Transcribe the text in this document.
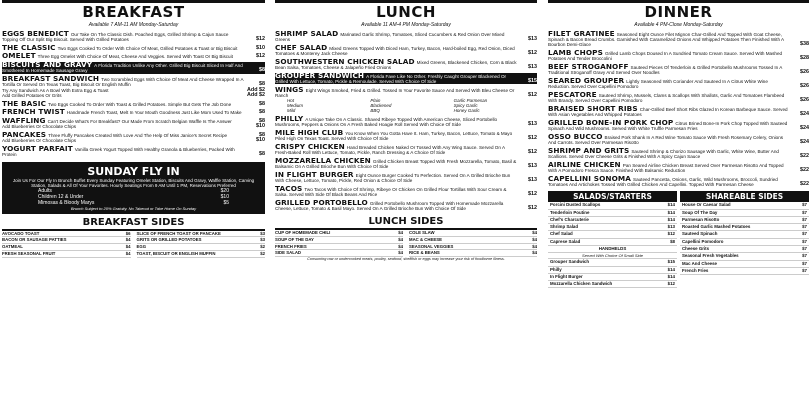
BREAKFAST
Available 7 AM-11 AM Monday-Saturday
EGGS BENEDICT Our Take On The Classic Dish. Poached Eggs, Grilled Shrimp & Cajun Sauce Topping Off Our Split Big Biscuit. Served With Grilled Potatoes	$12
THE CLASSIC Two Eggs Cooked To Order With Choice Of Meat, Grilled Potatoes & Toast or Big Biscuit	$10
OMELET Three Egg Omelet With Choice Of Meat, Cheese And Veggies. Served With Toast Or Big Biscuit	$12
BISCUITS AND GRAVY A Florida Tradition Unlike Any Other. Grilled Big Biscuit Sliced In Half And Smothered In Homemade Sausage Gravy	$8
BREAKFAST SANDWICH Two Scrambled Eggs With Choice Of Meat And Cheese Wrapped In A Tortilla Or Served On Texas Toast, Big Biscuit Or English Muffin	$8
Try Any Sandwich As A Bowl With Extra Egg & Toast	Add $2
Add Grilled Potatoes Or Grits	Add $2
THE BASIC Two Eggs Cooked To Order With Toast & Grilled Potatoes. Simple But Gets The Job Done	$8
FRENCH TWIST Handmade French Toast, Melt In Your Mouth Goodness Just Like Mom Used To Make	$8
WAFFLING Can't Decide What's For Breakfast? Our Made From Scratch Belgian Waffle Is The Answer	$8
Add Blueberries Or Chocolate Chips	$10
PANCAKES Three Fluffy Pancakes Created With Love And The Help Of Miss Janice's Secret Recipe	$8
Add Blueberries Or Chocolate Chips	$10
YOGURT PARFAIT Vanilla Greek Yogurt Topped With Healthy Granola & Blueberries, Packed With Protein	$8
SUNDAY FLY IN

Join Us For Our Fly In Brunch Buffet Every Sunday Featuring Omelet Station, Biscuits And Gravy, Waffle Station, Carving Station, Salads & All Of Your Favorites. Hourly Seatings From 9 AM Until 1 PM, Reservations Preferred

Adults	$20
Children 12 & Under	$10
Mimosas & Bloody Marys	$5

Brunch Subject to 20% Gratuity. No Takeout or Take Home On Sunday

BREAKFAST SIDES
AVOCADO TOAST	$6 SLICE OF FRENCH TOAST OR PANCAKE	$3
BACON OR SAUSAGE PATTIES	$4 GRITS OR GRILLED POTATOES	$3
OATMEAL	$4 EGG	$2
FRESH SEASONAL FRUIT	$4 TOAST, BISCUIT OR ENGLISH MUFFIN	$2
LUNCH
Available 11 AM-4 PM Monday-Saturday
SHRIMP SALAD Marinated Garlic Shrimp, Tomatoes, Sliced Cucumbers & Red Onion Over Mixed Greens	$13
CHEF SALAD Mixed Greens Topped With Diced Ham, Turkey, Bacon, Hard-boiled Egg, Red Onion, Diced Tomatoes & Monterey Jack Cheese	$12
SOUTHWESTERN CHICKEN SALAD Mixed Greens, Blackened Chicken, Corn & Black Bean Salsa, Tomatoes, Cheese & Jalapeño Fried Onions	$13
GROUPER SANDWICH A Florida Fave Like No Other. Freshly Caught Grouper Blackened Or Grilled With Lettuce, Tomato, Pickle & Remoulade. Served With Choice Of Side	$15
WINGS Eight Wings Smoked, Fried & Grilled. Tossed In Your Favorite Sauce And Served With Bleu Cheese Or Ranch	$12
Hot	Plain	Garlic Parmesan
Medium	Blackened	Spicy Garlic
Mild	BBQ	Honey Garlic
PHILLY A Unique Take On A Classic. Shaved Ribeye Topped With American Cheese, Sliced Portobello Mushrooms, Peppers & Onions On A Fresh Baked Hoagie Roll Served With Choice Of Side	$13
MILE HIGH CLUB You Know When You Gotta Have It. Ham, Turkey, Bacon, Lettuce, Tomato & Mayo Piled High On Texas Toast. Served With Choice Of Side	$12
CRISPY CHICKEN Hand Breaded Chicken Naked Or Tossed With Any Wing Sauce. Served On A Fresh-Baked Roll With Lettuce, Tomato, Pickle, Ranch Dressing & A Choice Of Side	$12
MOZZARELLA CHICKEN Grilled Chicken Breast Topped With Fresh Mozzarella, Tomato, Basil & Balsamic On A Grilled Brioche Bun With Choice Of Side	$13
IN FLIGHT BURGER Eight Ounce Burger Cooked To Perfection. Served On A Grilled Brioche Bun With Cheese, Lettuce, Tomato, Pickle, Red Onion & Choice Of Side	$13
TACOS Two Tacos With Choice Of Shrimp, Ribeye Or Chicken On Grilled Flour Tortillas With Sour Cream & Salsa. Served With Side Of Black Beans And Rice	$12
GRILLED PORTOBELLO Grilled Portobello Mushroom Topped With Homemade Mozzarella Cheese, Lettuce, Tomato & Basil Mayo. Served On A Grilled Brioche Bun With Choice Of Side	$12
LUNCH SIDES
CUP OF HOMEMADE CHILI	$4 COLE SLAW	$4
SOUP OF THE DAY	$4 MAC & CHEESE	$4
FRENCH FRIES	$4 SEASONAL VEGGIES	$4
SIDE SALAD	$4 RICE & BEANS	$4
Consuming raw or undercooked meats, poultry, seafood, shellfish or eggs may increase your risk of foodborne illness.
DINNER
Available 4 PM-Close Monday-Saturday
FILET GRATINEE Seasoned Eight Ounce Filet Mignon Char-Grilled And Topped With Goat Cheese, Spinach & Bacon Bread Crumbs. Garnished With Caramelized Onions And Whipped Potatoes Then Finished With A Bourbon Demi-Glace	$38
LAMB CHOPS Grilled Lamb Chops Doused In A Sundried Tomato Cream Sauce. Served With Mashed Potatoes And Tender Broccolini	$28
BEEF STROGANOFF Sauteed Pieces Of Tenderloin & Grilled Portobello Mushrooms Tossed In A Traditional Stroganoff Gravy And Served Over Noodles	$26
SEARED GROUPER Lightly Seasoned With Coriander And Sauteed In A Citrus White Wine Reduction. Served Over Capellini Pomodoro	$26
PESCATORE Sauteed Shrimp, Mussels, Clams & Scallops With Shallots, Garlic And Tomatoes Flambeed With Brandy. Served Over Capellini Pomodoro	$26
BRAISED SHORT RIBS Char-Grilled Beef Short Ribs Glazed In Korean Barbeque Sauce. Served With Asian Vegetables And Whipped Potatoes	$24
GRILLED BONE-IN PORK CHOP Citrus Brined Bone-In Pork Chop Topped With Sauteed Spinach And Wild Mushrooms. Served With White Truffle Parmesan Fries	$24
OSSO BUCCO Braised Pork Shank In A Red Wine Tomato Sauce With Fresh Rosemary Celery, Onions And Carrots. Served Over Parmesan Risotto	$24
SHRIMP AND GRITS Sauteed Shrimp & Chorizo Sausage With Garlic, White Wine, Butter And Scallions. Served Over Cheese Grits & Finished With A Spicy Cajun Sauce	$22
AIRLINE CHICKEN Pan Seared Airline Chicken Breast Served Over Parmesan Risotto And Topped With A Pomodoro Fresca Sauce. Finished With Balsamic Reduction	$22
CAPELLINI SONOMA Sauteed Pancetta, Onions, Garlic, Wild Mushrooms, Broccoli, Sundried Tomatoes And Artichokes Tossed With Grilled Chicken And Capellini. Topped With Parmesan Cheese	$22
SALADS/STARTERS
Porcini Dusted Scallops	$14
Tenderloin Poutine	$14
Chef's Charcuterie	$14
Shrimp Salad	$13
Chef Salad	$12
Caprese Salad	$8
HANDHELDS
Served With Choice Of Small Side
Grouper Sandwich	$15
Philly	$14
In Flight Burger	$14
Mozzarella Chicken Sandwich	$12
SHAREABLE SIDES
House Or Caesar Salad	$7
Soup Of The Day	$7
Parmesan Risotto	$7
Roasted Garlic Mashed Potatoes	$7
Sauteed Spinach	$7
Capellini Pomodoro	$7
Cheese Grits	$7
Seasonal Fresh Vegetables	$7
Mac And Cheese	$7
French Fries	$7
